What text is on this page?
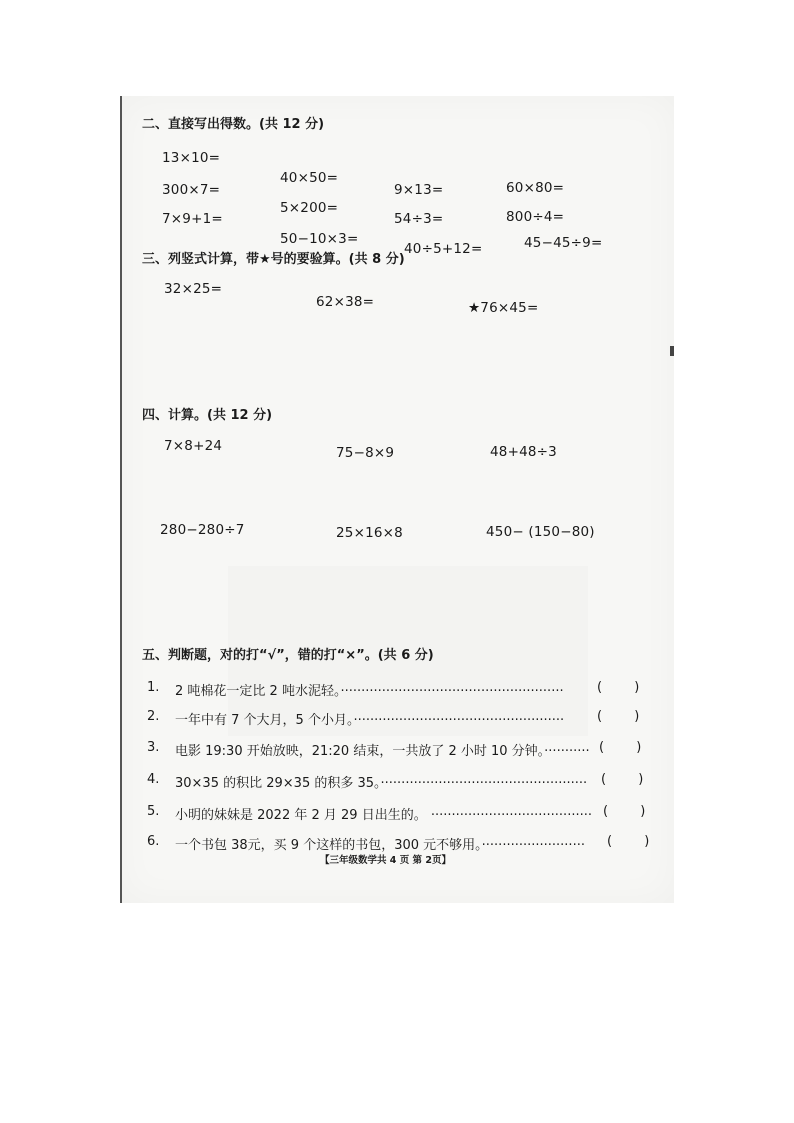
二、直接写出得数。(共 12 分)
13×10=
300×7=
7×9+1=
40×50=
5×200=
50−10×3=
9×13=
54÷3=
40÷5+12=
60×80=
800÷4=
45−45÷9=
三、列竖式计算，带★号的要验算。(共 8 分)
32×25=
62×38=	★76×45=
四、计算。(共 12 分)
7×8+24	75−8×9	48+48÷3
280−280÷7	25×16×8	450− (150−80)
五、判断题，对的打“√”，错的打“×”。(共 6 分)
1.	2 吨棉花一定比 2 吨水泥轻。······················································	( )
2.	一年中有 7 个大月，5 个小月。···················································	( )
3.	电影 19:30 开始放映，21:20 结束，一共放了 2 小时 10 分钟。··········· ( )
4.	30×35 的积比 29×35 的积多 35。·················································· ( )
5.	小明的妹妹是 2022 年 2 月 29 日出生的。 ······································· ( )
6.	一个书包 38元，买 9 个这样的书包，300 元不够用。························· ( )
【三年级数学共 4 页 第 2页】
